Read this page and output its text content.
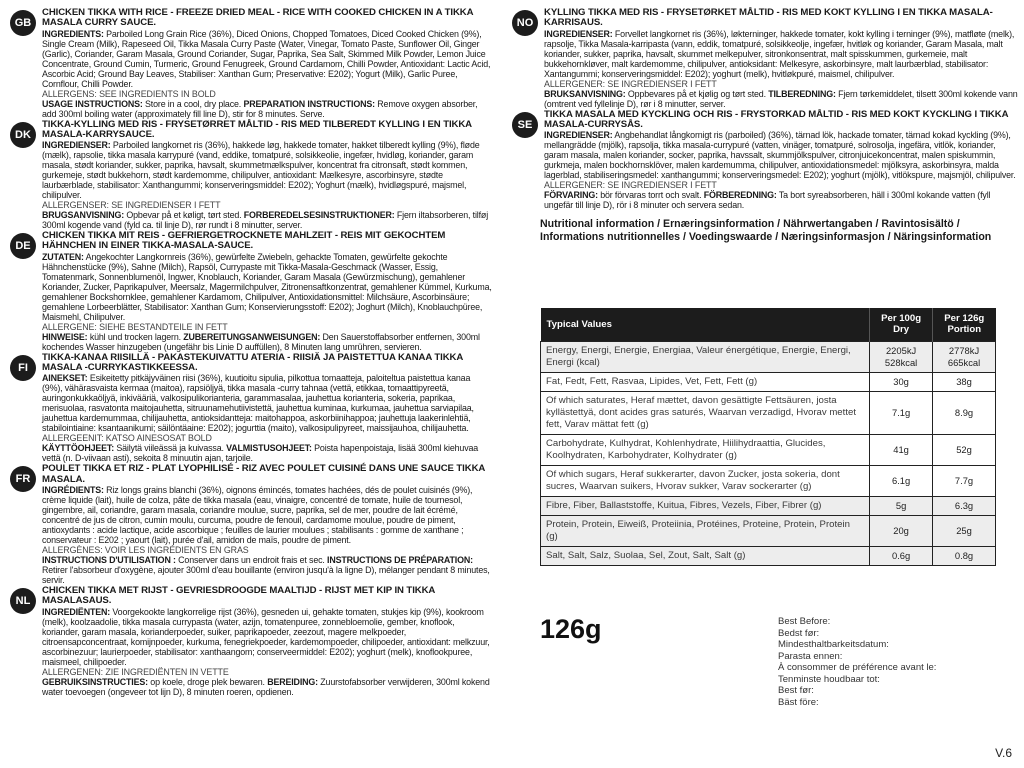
GB
CHICKEN TIKKA WITH RICE - FREEZE DRIED MEAL - RICE WITH COOKED CHICKEN IN A TIKKA MASALA CURRY SAUCE.
INGREDIENTS: Parboiled Long Grain Rice (36%), Diced Onions, Chopped Tomatoes, Diced Cooked Chicken (9%), Single Cream (Milk), Rapeseed Oil, Tikka Masala Curry Paste (Water, Vinegar, Tomato Paste, Sunflower Oil, Ginger (Garlic), Coriander, Garam Masala, Ground Coriander, Sugar, Paprika, Sea Salt, Skimmed Milk Powder, Lemon Juice Concentrate, Ground Cumin, Turmeric, Ground Fenugreek, Ground Cardamom, Chilli Powder, Antioxidant: Lactic Acid, Ascorbic Acid; Ground Bay Leaves, Stabiliser: Xanthan Gum; Preservative: E202); Yogurt (Milk), Garlic Puree, Cornflour, Chilli Powder.
ALLERGENS: SEE INGREDIENTS IN BOLD
USAGE INSTRUCTIONS: Store in a cool, dry place. PREPARATION INSTRUCTIONS: Remove oxygen absorber, add 300ml boiling water (approximately fill line D), stir for 8 minutes. Serve.
DK
TIKKA-KYLLING MED RIS - FRYSETØRRET MÅLTID - RIS MED TILBEREDT KYLLING I EN TIKKA MASALA-KARRYSAUCE.
INGREDIENSER: Parboiled langkornet ris (36%), hakkede løg, hakkede tomater, hakket tilberedt kylling (9%), fløde (mælk), rapsolie, tikka masala karrypuré (vand, eddike, tomatpuré, solsikkeolie, ingefær, hvidløg, koriander, garam masala, stødt koriander, sukker, paprika, havsalt, skummetmælkspulver, koncentrat fra citronsaft, stødt kommen, gurkemeje, stødt bukkehorn, stødt kardemomme, chilipulver, antioxidant: Mælkesyre, ascorbinsyre, stødte laurbærblade, stabilisator: Xanthangummi; konserveringsmiddel: E202); Yoghurt (mælk), hvidløgspuré, majsmel, chilipulver.
ALLERGENSER: SE INGREDIENSER I FETT
BRUGSANVISNING: Opbevar på et køligt, tørt sted. FORBEREDELSESINSTRUKTIONER: Fjern iltabsorberen, tilføj 300ml kogende vand (fyld ca. til linje D), rør rundt i 8 minutter, server.
DE
CHICKEN TIKKA MIT REIS - GEFRIERGETROCKNETE MAHLZEIT - REIS MIT GEKOCHTEM HÄHNCHEN IN EINER TIKKA-MASALA-SAUCE.
ZUTATEN: Angekochter Langkornreis (36%), gewürfelte Zwiebeln, gehackte Tomaten, gewürfelte gekochte Hähnchenstücke (9%), Sahne (Milch), Rapsöl, Currypaste mit Tikka-Masala-Geschmack (Wasser, Essig, Tomatenmark, Sonnenblumenöl, Ingwer, Knoblauch, Koriander, Garam Masala (Gewürzmischung), gemahlener Koriander, Zucker, Paprikapulver, Meersalz, Magermilchpulver, Zitronensaftkonzentrat, gemahlener Kümmel, Kurkuma, gemahlener Bockshornklee, gemahlener Kardamom, Chilipulver, Antioxidationsmittel: Milchsäure, Ascorbinsäure; gemahlene Lorbeerblätter, Stabilisator: Xanthan Gum; Konservierungsstoff: E202); Joghurt (Milch), Knoblauchpüree, Maismehl, Chilipulver.
ALLERGENE: SIEHE BESTANDTEILE IN FETT
HINWEISE: kühl und trocken lagern. ZUBEREITUNGSANWEISUNGEN: Den Sauerstoffabsorber entfernen, 300ml kochendes Wasser hinzugeben (ungefähr bis Linie D auffüllen), 8 Minuten lang umrühren, servieren.
FI
TIKKA-KANAA RIISILLÄ - PAKASTEKUIVATTU ATERIA - RIISIÄ JA PAISTETTUA KANAA TIKKA MASALA -CURRYKASTIKKEESSA.
AINEKSET: Esikeitetty pitkäjyväinen riisi (36%), kuutioitu sipulia, pilkottua tomaatteja, paloiteltua paistettua kanaa (9%), vähärasvaista kermaa (maitoa), rapsiöljyä, tikka masala -curry tahnaa (vettä, etikkaa, tomaattipyreetä, auringonkukkaöljyä, inkivääriä, valkosipulikorianteria, garammasalaa, jauhettua korianteria, sokeria, paprikaa, merisuolaa, rasvatonta maitojauhetta, sitruunamehutiivistettä, jauhettua kuminaa, kurkumaa, jauhettua sarviapilaa, jauhettua kardemummaa, chilijauhetta, antioksidantteja: maitohappoa, askorbiinihappoa; jauhettuja laakerinlehtiä, stabilointiaine: ksantaanikumi; säilöntäaine: E202); jogurttia (maito), valkosipulipyreet, maissijauhoa, chilijauhetta.
ALLERGEENIT: KATSO AINESOSAT BOLD
KÄYTTÖOHJEET: Säilytä viileässä ja kuivassa. VALMISTUSOHJEET: Poista hapenpoistaja, lisää 300ml kiehuvaa vettä (n. D-viivaan asti), sekoita 8 minuutin ajan, tarjoile.
FR
POULET TIKKA ET RIZ - PLAT LYOPHILISÉ - RIZ AVEC POULET CUISINÉ DANS UNE SAUCE TIKKA MASALA.
INGRÉDIENTS: Riz longs grains blanchi (36%), oignons émincés, tomates hachées, dés de poulet cuisinés (9%), crème liquide (lait), huile de colza, pâte de tikka masala (eau, vinaigre, concentré de tomate, huile de tournesol, gingembre, ail, coriandre, garam masala, coriandre moulue, sucre, paprika, sel de mer, poudre de lait écrémé, concentré de jus de citron, cumin moulu, curcuma, poudre de fenouil, cardamome moulue, poudre de piment, antioxydants : acide lactique, acide ascorbique ; feuilles de laurier moulues ; stabilisants : gomme de xanthane ; conservateur : E202 ; yaourt (lait), purée d'ail, amidon de maïs, poudre de piment.
ALLERGÈNES: VOIR LES INGRÉDIENTS EN GRAS
INSTRUCTIONS D'UTILISATION : Conserver dans un endroit frais et sec. INSTRUCTIONS DE PRÉPARATION: Retirer l'absorbeur d'oxygène, ajouter 300ml d'eau bouillante (environ jusqu'à la ligne D), mélanger pendant 8 minutes, servir.
NL
CHICKEN TIKKA MET RIJST - GEVRIESDROOGDE MAALTIJD - RIJST MET KIP IN TIKKA MASALASAUS.
INGREDIËNTEN: Voorgekookte langkorrelige rijst (36%), gesneden ui, gehakte tomaten, stukjes kip (9%), kookroom (melk), koolzaadolie, tikka masala currypasta (water, azijn, tomatenpuree, zonnebloemolie, gember, knoflook, koriander, garam masala, korianderpoeder, suiker, paprikapoeder, zeezout, magere melkpoeder, citroensapconcentraat, komijnpoeder, kurkuma, fenegriekpoeder, kardemompoeder, chilipoeder, antioxidant: melkzuur, ascorbinezuur; laurierpoeder, stabilisator: xanthaangom; conserveermiddel: E202); yoghurt (melk), knoflookpuree, maismeel, chilipoeder.
ALLERGENEN: ZIE INGREDIËNTEN IN VETTE
GEBRUIKSINSTRUCTIES: op koele, droge plek bewaren. BEREIDING: Zuurstofabsorber verwijderen, 300ml kokend water toevoegen (ongeveer tot lijn D), 8 minuten roeren, opdienen.
NO
KYLLING TIKKA MED RIS - FRYSETØRKET MÅLTID - RIS MED KOKT KYLLING I EN TIKKA MASALA-KARRISAUS.
INGREDIENSER: Forvellet langkornet ris (36%), løkterninger, hakkede tomater, kokt kylling i terninger (9%), matfløte (melk), rapsolje, Tikka Masala-karripasta (vann, eddik, tomatpuré, solsikkeolje, ingefær, hvitløk og koriander, Garam Masala, malt koriander, sukker, paprika, havsalt, skummet melkepulver, sitronkonsentrat, malt spisskummen, gurkemeie, malt bukkehornkløver, malt kardemomme, chilipulver, antioksidant: Melkesyre, askorbinsyre, malt laurbærblad, stabilisator: Xantangummi; konserveringsmiddel: E202); yoghurt (melk), hvitløkpuré, maismel, chilipulver.
ALLERGENER: SE INGREDIENSER I FETT
BRUKSANVISNING: Oppbevares på et kjølig og tørt sted. TILBEREDNING: Fjern tørkemiddelet, tilsett 300ml kokende vann (omtrent ved fyllelinje D), rør i 8 minutter, server.
SE
TIKKA MASALA MED KYCKLING OCH RIS - FRYSTORKAD MÅLTID - RIS MED KOKT KYCKLING I TIKKA MASALA-CURRYSÅS.
INGREDIENSER: Angbehandlat långkornigt ris (parboiled) (36%), tärnad lök, hackade tomater, tärnad kokad kyckling (9%), mellangrädde (mjölk), rapsolja, tikka masala-currypuré (vatten, vinäger, tomatpuré, solrosolja, ingefära, vitlök, koriander, garam masala, malen koriander, socker, paprika, havssalt, skummjölkspulver, citronjuicekoncentrat, malen spiskummin, gurkmeja, malen bockhornsklöver, malen kardemumma, chilipulver, antioxidationsmedel: mjölksyra, askorbinsyra, malda lagerblad, stabiliseringsmedel: xanthangummi; konserveringsmedel: E202); yoghurt (mjölk), vitlökspure, majsmjöl, chilipulver.
ALLERGENER: SE INGREDIENSER I FETT
FÖRVARING: bör förvaras torrt och svalt. FÖRBEREDNING: Ta bort syreabsorberen, häll i 300ml kokande vatten (fyll ungefär till linje D), rör i 8 minuter och servera sedan.
Nutritional information / Ernæringsinformation / Nährwertangaben / Ravintosisältö / Informations nutritionnelles / Voedingswaarde / Næringsinformasjon / Näringsinformation
Typical Values	Per 100g Dry	Per 126g Portion
Energy, Energi, Energie, Energiaa, Valeur énergétique, Energie, Energi, Energi (kcal)	2205kJ 528kcal	2778kJ 665kcal
Fat, Fedt, Fett, Rasvaa, Lipides, Vet, Fett, Fett (g)	30g	38g
Of which saturates, Heraf mættet, davon gesättigte Fettsäuren, josta kyllästettyä, dont acides gras saturés, Waarvan verzadigd, Hvorav mettet fett, Varav mättat fett (g)	7.1g	8.9g
Carbohydrate, Kulhydrat, Kohlenhydrate, Hiilihydraattia, Glucides, Koolhydraten, Karbohydrater, Kolhydrater (g)	41g	52g
Of which sugars, Heraf sukkerarter, davon Zucker, josta sokeria, dont sucres, Waarvan suikers, Hvorav sukker, Varav sockerarter (g)	6.1g	7.7g
Fibre, Fiber, Ballaststoffe, Kuitua, Fibres, Vezels, Fiber, Fibrer (g)	5g	6.3g
Protein, Protein, Eiweiß, Proteiinia, Protéines, Proteine, Protein, Protein (g)	20g	25g
Salt, Salt, Salz, Suolaa, Sel, Zout, Salt, Salt (g)	0.6g	0.8g
126g	Best Before:
Bedst før:
Mindesthaltbarkeitsdatum:
Parasta ennen:
À consommer de préférence avant le:
Tenminste houdbaar tot:
Best før:
Bäst före:
V.6
